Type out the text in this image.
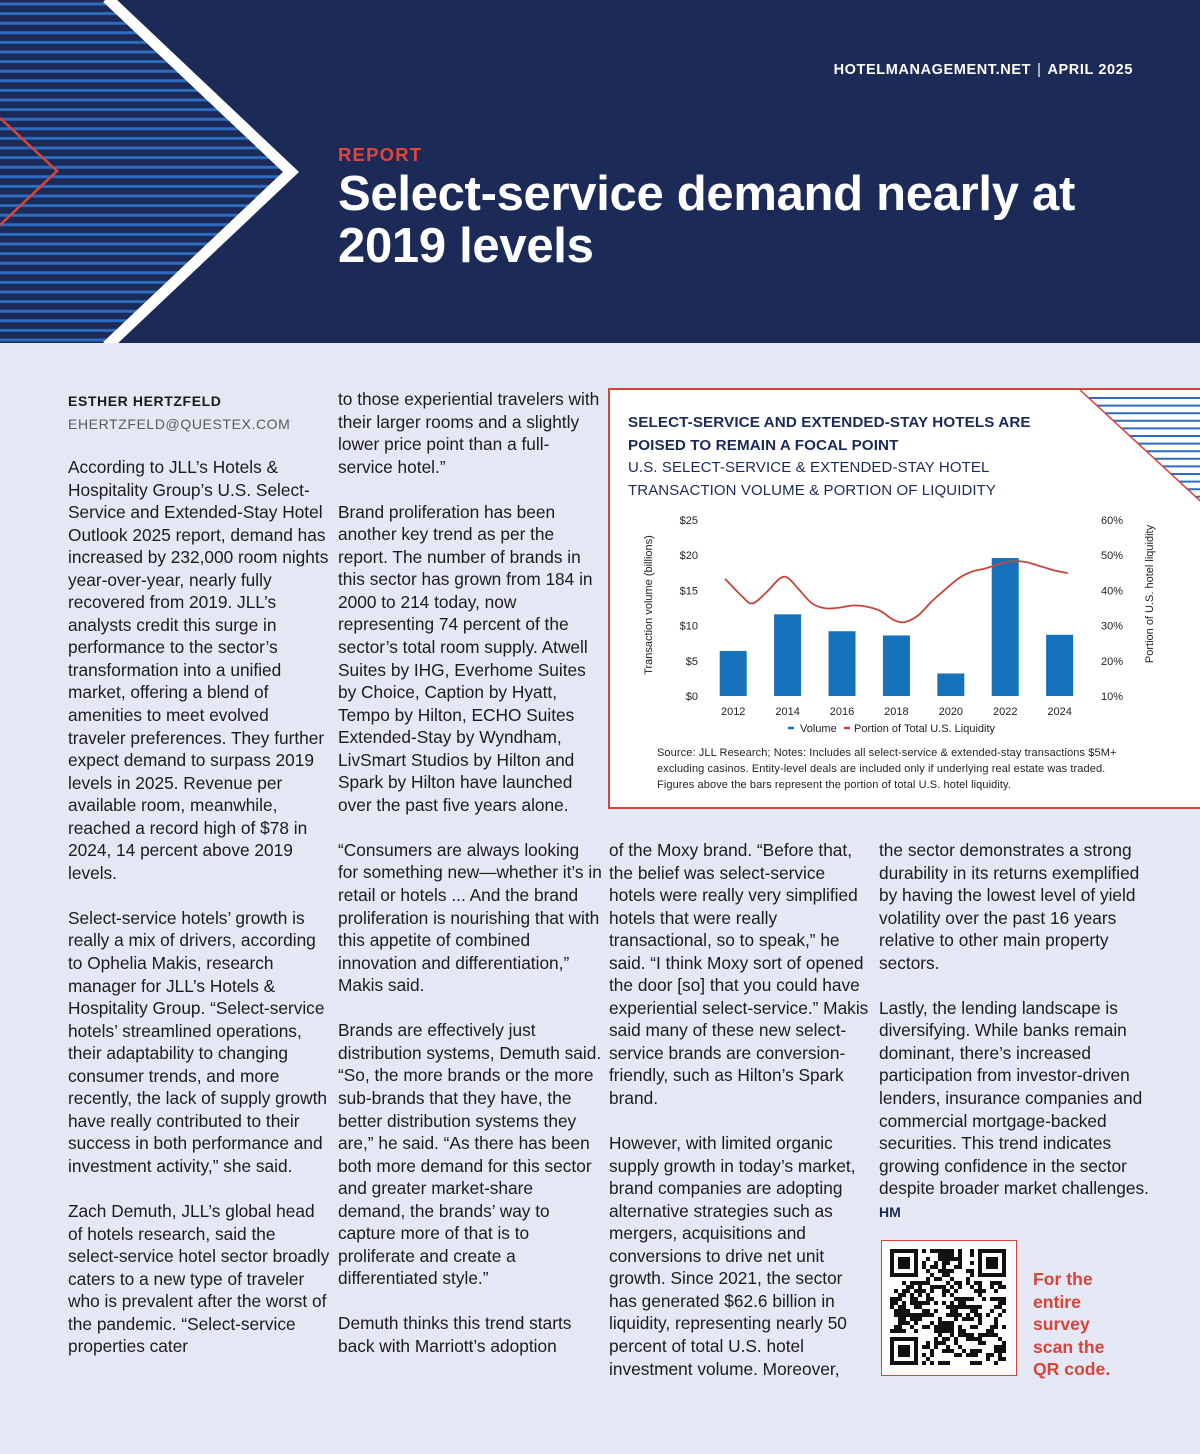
HOTELMANAGEMENT.NET | APRIL 2025
REPORT
Select-service demand nearly at 2019 levels
ESTHER HERTZFELD
EHERTZFELD@QUESTEX.COM

According to JLL’s Hotels & Hospitality Group’s U.S. Select-Service and Extended-Stay Hotel Outlook 2025 report, demand has increased by 232,000 room nights year-over-year, nearly fully recovered from 2019. JLL’s analysts credit this surge in performance to the sector’s transformation into a unified market, offering a blend of amenities to meet evolved traveler preferences. They further expect demand to surpass 2019 levels in 2025. Revenue per available room, meanwhile, reached a record high of $78 in 2024, 14 percent above 2019 levels.

Select-service hotels’ growth is really a mix of drivers, according to Ophelia Makis, research manager for JLL’s Hotels & Hospitality Group. “Select-service hotels’ streamlined operations, their adaptability to changing consumer trends, and more recently, the lack of supply growth have really contributed to their success in both performance and investment activity,” she said.

Zach Demuth, JLL’s global head of hotels research, said the select-service hotel sector broadly caters to a new type of traveler who is prevalent after the worst of the pandemic. “Select-service properties cater

to those experiential travelers with their larger rooms and a slightly lower price point than a full-service hotel.”

Brand proliferation has been another key trend as per the report. The number of brands in this sector has grown from 184 in 2000 to 214 today, now representing 74 percent of the sector’s total room supply. Atwell Suites by IHG, Everhome Suites by Choice, Caption by Hyatt, Tempo by Hilton, ECHO Suites Extended-Stay by Wyndham, LivSmart Studios by Hilton and Spark by Hilton have launched over the past five years alone.

“Consumers are always looking for something new—whether it’s in retail or hotels ... And the brand proliferation is nourishing that with this appetite of combined innovation and differentiation,” Makis said.

Brands are effectively just distribution systems, Demuth said. “So, the more brands or the more sub-brands that they have, the better distribution systems they are,” he said. “As there has been both more demand for this sector and greater market-share demand, the brands’ way to capture more of that is to proliferate and create a differentiated style.”

Demuth thinks this trend starts back with Marriott’s adoption

of the Moxy brand. “Before that, the belief was select-service hotels were really very simplified hotels that were really transactional, so to speak,” he said. “I think Moxy sort of opened the door [so] that you could have experiential select-service.” Makis said many of these new select-service brands are conversion-friendly, such as Hilton’s Spark brand.

However, with limited organic supply growth in today’s market, brand companies are adopting alternative strategies such as mergers, acquisitions and conversions to drive net unit growth. Since 2021, the sector has generated $62.6 billion in liquidity, representing nearly 50 percent of total U.S. hotel investment volume. Moreover,

the sector demonstrates a strong durability in its returns exemplified by having the lowest level of yield volatility over the past 16 years relative to other main property sectors.

Lastly, the lending landscape is diversifying. While banks remain dominant, there’s increased participation from investor-driven lenders, insurance companies and commercial mortgage-backed securities. This trend indicates growing confidence in the sector despite broader market challenges. HM

$0
$5
$10
$15
$20
$25
10%
20%
30%
40%
50%
60%
2012	2014	2016	2018	2020	2022	2024
Transaction volume (billions)	Portion of U.S. hotel liquidity
Volume Portion of Total U.S. Liquidity
SELECT-SERVICE AND EXTENDED-STAY HOTELS ARE POISED TO REMAIN A FOCAL POINT
U.S. SELECT-SERVICE & EXTENDED-STAY HOTEL TRANSACTION VOLUME & PORTION OF LIQUIDITY
Source: JLL Research; Notes: Includes all select-service & extended-stay transactions $5M+ excluding casinos. Entity-level deals are included only if underlying real estate was traded. Figures above the bars represent the portion of total U.S. hotel liquidity.
For the entire survey scan the QR code.
